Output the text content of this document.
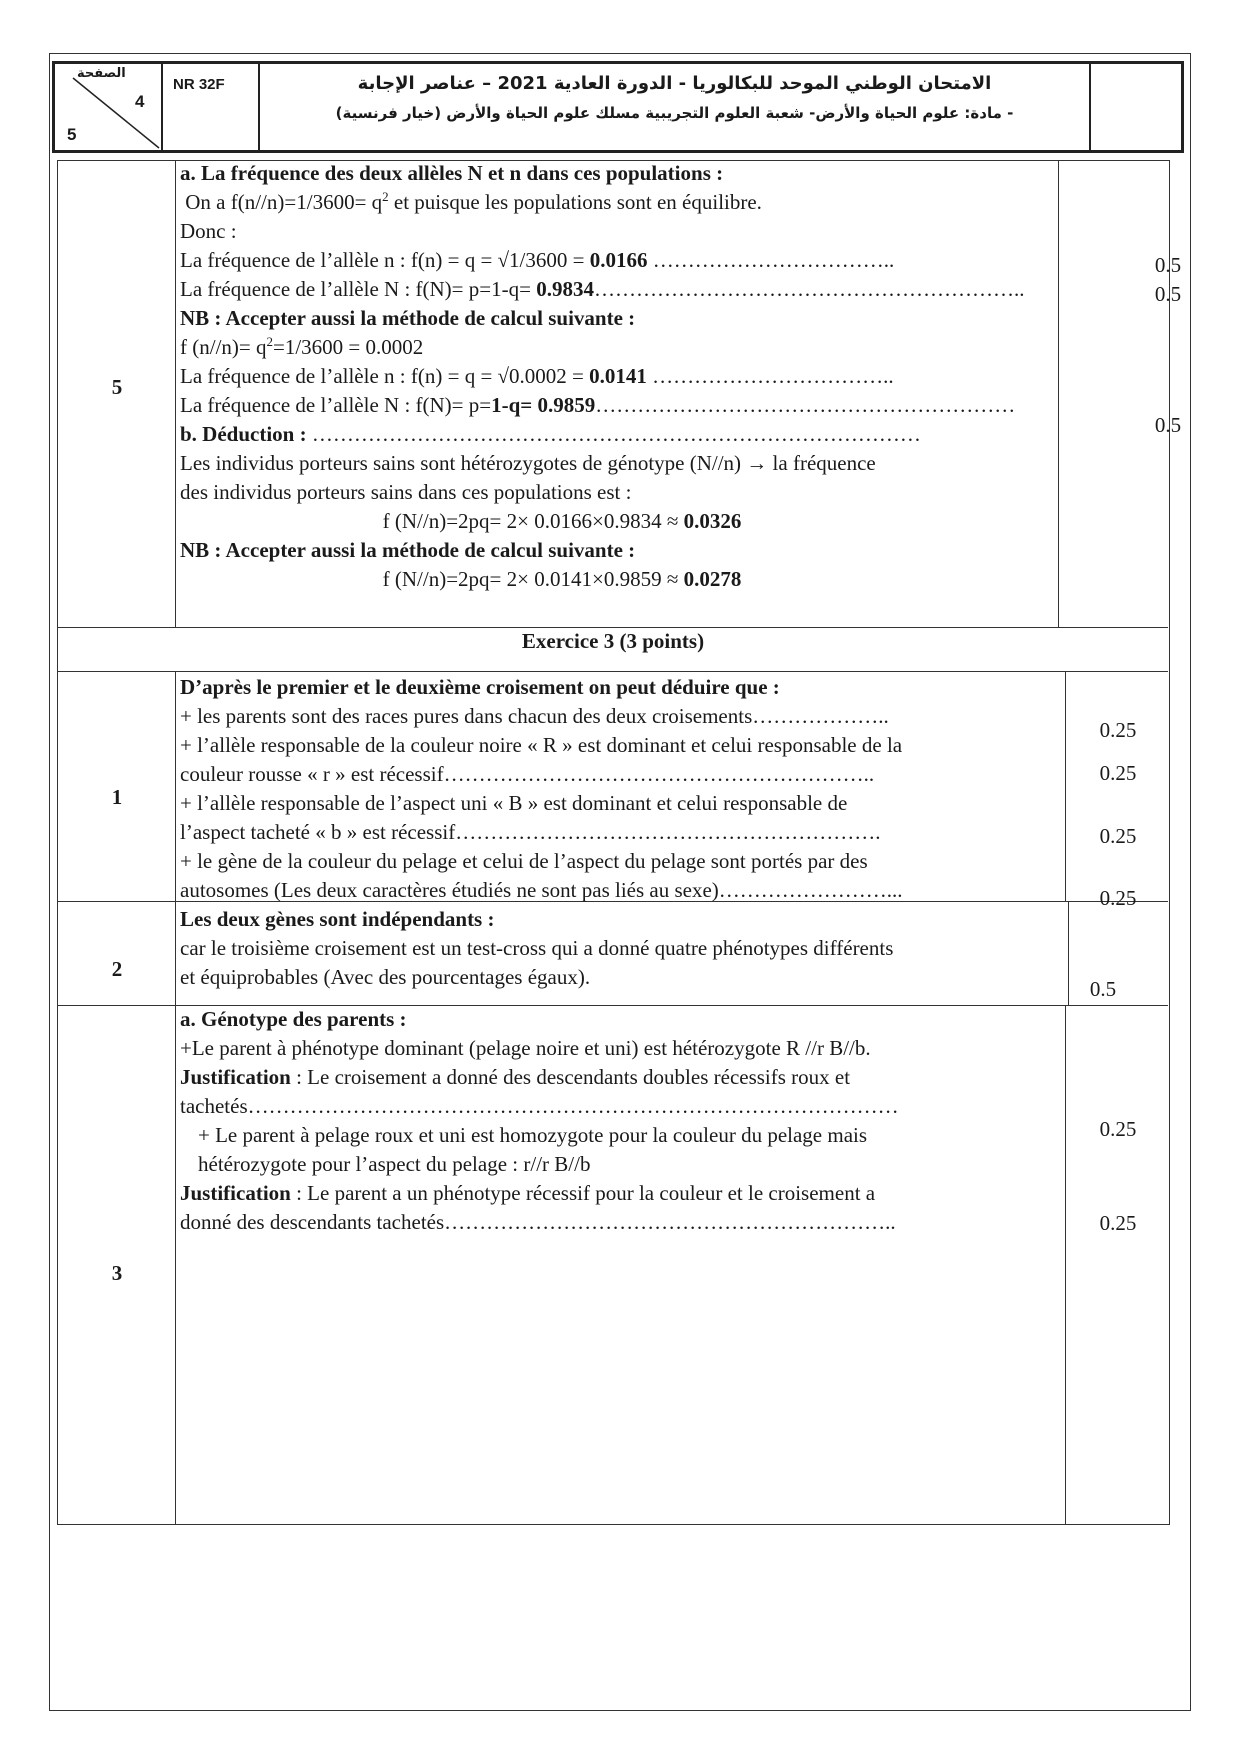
الصفحة
4
5
NR 32F	الامتحان الوطني الموحد للبكالوريا - الدورة العادية 2021 – عناصر الإجابة
- مادة: علوم الحياة والأرض- شعبة العلوم التجريبية مسلك علوم الحياة والأرض (خيار فرنسية)
5

a. La fréquence des deux allèles N et n dans ces populations :

On a $f(n//n)=1/3600= q^2$ et puisque les populations sont en équilibre.

Donc :

La fréquence de l’allèle n : f(n) = q = √1/3600 = 0.0166 ……………………………..

La fréquence de l’allèle N : f(N)= p=1-q= 0.9834……………………………………………………..

NB : Accepter aussi la méthode de calcul suivante :

f $(n//n)= q^2=1/3600 = 0.0002$

La fréquence de l’allèle n : f(n) = q = √0.0002 = 0.0141 ……………………………..

La fréquence de l’allèle N : f(N)= p=1-q= 0.9859……………………………………………………

b. Déduction : ……………………………………………………………………………

Les individus porteurs sains sont hétérozygotes de génotype (N//n) → la fréquence

des individus porteurs sains dans ces populations est :

f (N//n)=2pq= 2× 0.0166×0.9834 ≈ 0.0326

NB : Accepter aussi la méthode de calcul suivante :

f (N//n)=2pq= 2× 0.0141×0.9859 ≈ 0.0278

0.5
0.5
0.5
Exercice 3 (3 points)
1

D’après le premier et le deuxième croisement on peut déduire que :

+ les parents sont des races pures dans chacun des deux croisements………………..

+ l’allèle responsable de la couleur noire « R » est dominant et celui responsable de la

couleur rousse « r » est récessif……………………………………………………..

+ l’allèle responsable de l’aspect uni « B » est dominant et celui responsable de

l’aspect tacheté « b » est récessif…………………………………………………….

+ le gène de la couleur du pelage et celui de l’aspect du pelage sont portés par des

autosomes (Les deux caractères étudiés ne sont pas liés au sexe)……………………...

0.25
0.25
0.25
0.25
2

Les deux gènes sont indépendants :

car le troisième croisement est un test-cross qui a donné quatre phénotypes différents

et équiprobables (Avec des pourcentages égaux).	0.5
3

a. Génotype des parents :

+Le parent à phénotype dominant (pelage noire et uni) est hétérozygote R //r B//b.

Justification : Le croisement a donné des descendants doubles récessifs roux et

tachetés…………………………………………………………………………………

+ Le parent à pelage roux et uni est homozygote pour la couleur du pelage mais

hétérozygote pour l’aspect du pelage : r//r B//b

Justification : Le parent a un phénotype récessif pour la couleur et le croisement a

donné des descendants tachetés………………………………………………………..

0.25
0.25
